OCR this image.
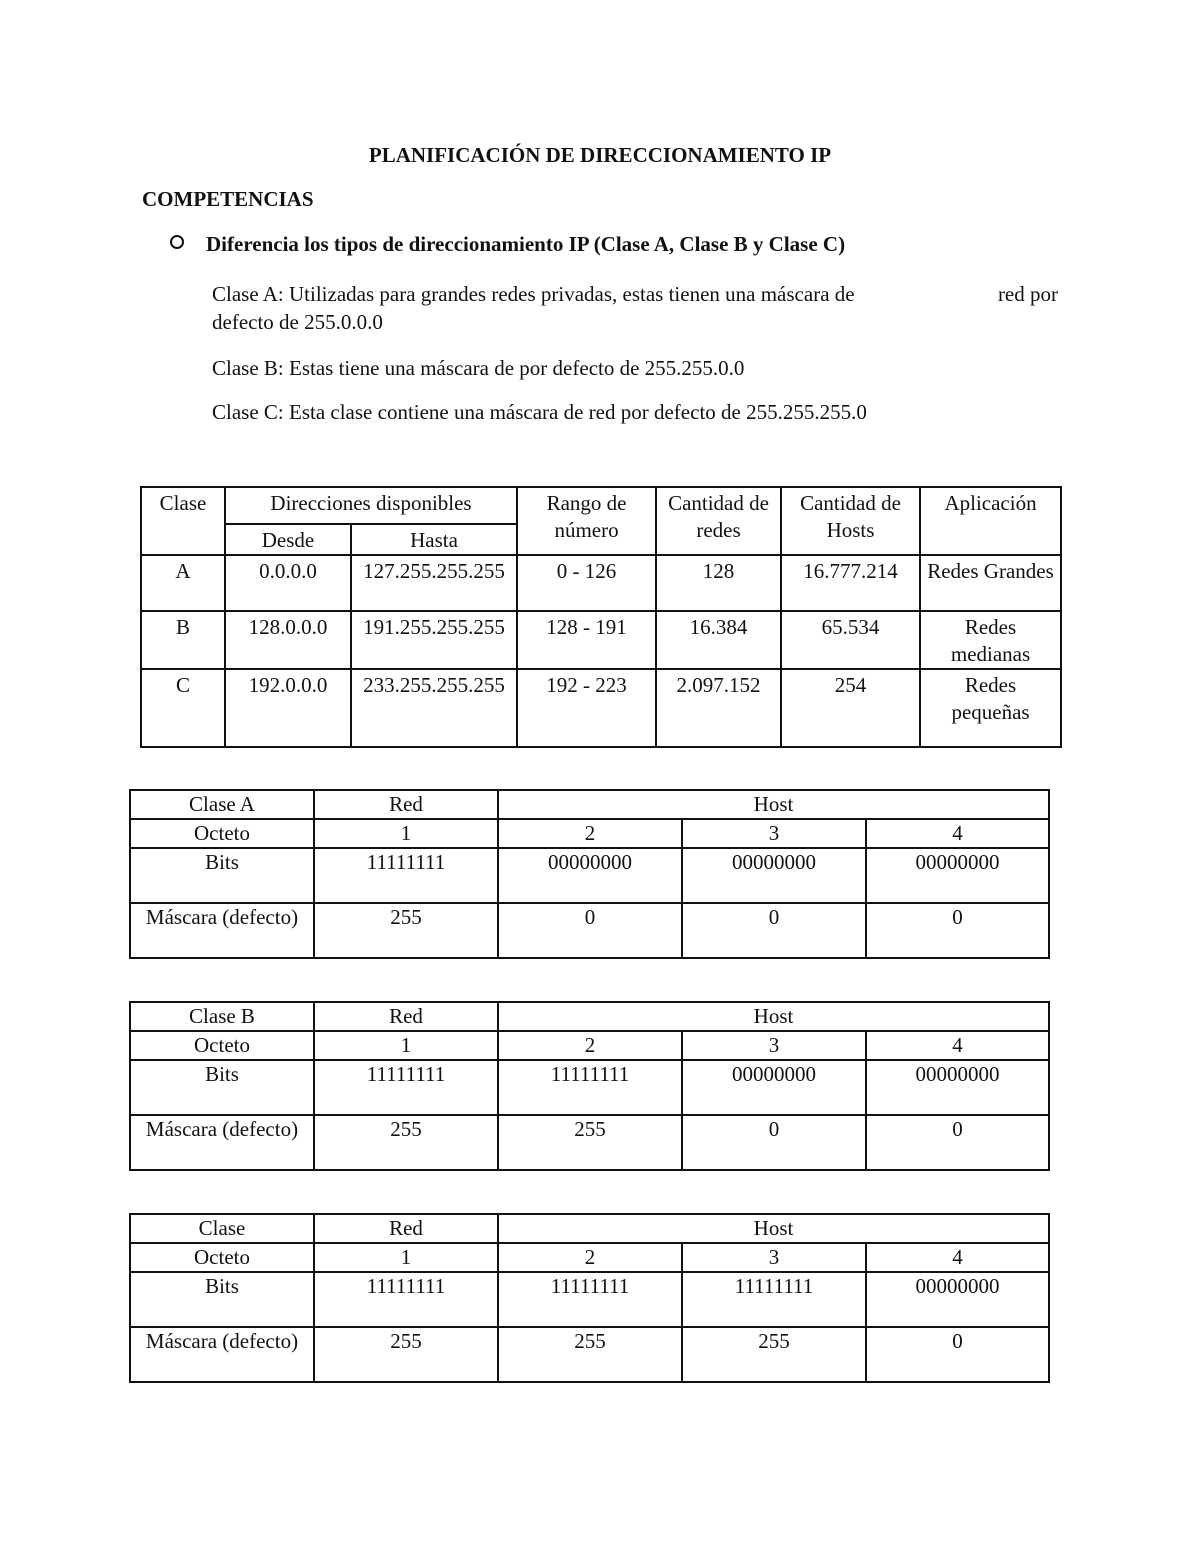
PLANIFICACIÓN DE DIRECCIONAMIENTO IP
COMPETENCIAS
Diferencia los tipos de direccionamiento IP (Clase A, Clase B y Clase C)
Clase A: Utilizadas para grandes redes privadas, estas tienen una máscara de	red por
defecto de 255.0.0.0
Clase B: Estas tiene una máscara de por defecto de 255.255.0.0
Clase C: Esta clase contiene una máscara de red por defecto de 255.255.255.0
Clase	Direcciones disponibles		Rango de número	Cantidad de redes	Cantidad de Hosts	Aplicación
	Desde	Hasta				
A	0.0.0.0	127.255.255.255	0 - 126	128	16.777.214	Redes Grandes
B	128.0.0.0	191.255.255.255	128 - 191	16.384	65.534	Redes medianas
C	192.0.0.0	233.255.255.255	192 - 223	2.097.152	254	Redes pequeñas
Clase A	Red	Host		
Octeto	1	2	3	4
Bits	11111111	00000000	00000000	00000000
Máscara (defecto)	255	0	0	0
Clase B	Red	Host		
Octeto	1	2	3	4
Bits	11111111	11111111	00000000	00000000
Máscara (defecto)	255	255	0	0
Clase	Red	Host		
Octeto	1	2	3	4
Bits	11111111	11111111	11111111	00000000
Máscara (defecto)	255	255	255	0
